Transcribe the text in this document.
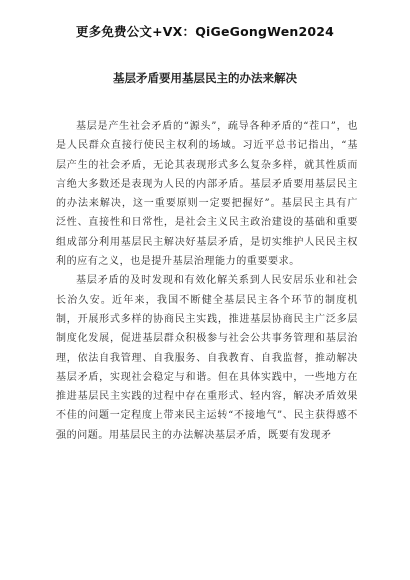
更多免费公文+VX：QiGeGongWen2024
基层矛盾要用基层民主的办法来解决

基层是产生社会矛盾的“源头”，疏导各种矛盾的“茬口”，也是人民群众直接行使民主权利的场域。习近平总书记指出，“基层产生的社会矛盾，无论其表现形式多么复杂多样，就其性质而言绝大多数还是表现为人民的内部矛盾。基层矛盾要用基层民主的办法来解决，这一重要原则一定要把握好”。基层民主具有广泛性、直接性和日常性，是社会主义民主政治建设的基础和重要组成部分利用基层民主解决好基层矛盾，是切实维护人民民主权利的应有之义，也是提升基层治理能力的重要要求。

基层矛盾的及时发现和有效化解关系到人民安居乐业和社会长治久安。近年来，我国不断健全基层民主各个环节的制度机制，开展形式多样的协商民主实践，推进基层协商民主广泛多层制度化发展，促进基层群众积极参与社会公共事务管理和基层治理，依法自我管理、自我服务、自我教育、自我监督，推动解决基层矛盾，实现社会稳定与和谐。但在具体实践中，一些地方在推进基层民主实践的过程中存在重形式、轻内容，解决矛盾效果不佳的问题一定程度上带来民主运转“不接地气”、民主获得感不强的问题。用基层民主的办法解决基层矛盾，既要有发现矛
